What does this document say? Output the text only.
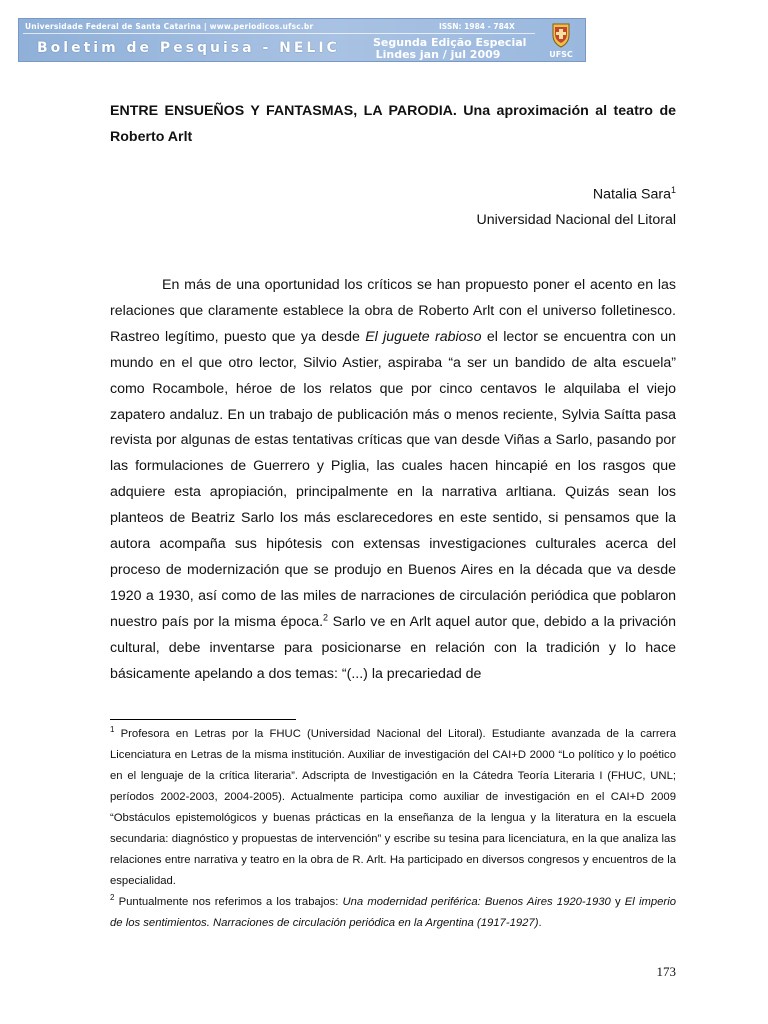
Universidade Federal de Santa Catarina | www.periodicos.ufsc.br	ISSN: 1984 - 784X
Boletim de Pesquisa - NELIC	Segunda Edição Especial
Lindes jan / jul 2009	UFSC
ENTRE ENSUEÑOS Y FANTASMAS, LA PARODIA. Una aproximación al teatro de Roberto Arlt
Natalia Sara$^1$
Universidad Nacional del Litoral

En más de una oportunidad los críticos se han propuesto poner el acento en las relaciones que claramente establece la obra de Roberto Arlt con el universo folletinesco. Rastreo legítimo, puesto que ya desde El juguete rabioso el lector se encuentra con un mundo en el que otro lector, Silvio Astier, aspiraba “a ser un bandido de alta escuela” como Rocambole, héroe de los relatos que por cinco centavos le alquilaba el viejo zapatero andaluz. En un trabajo de publicación más o menos reciente, Sylvia Saítta pasa revista por algunas de estas tentativas críticas que van desde Viñas a Sarlo, pasando por las formulaciones de Guerrero y Piglia, las cuales hacen hincapié en los rasgos que adquiere esta apropiación, principalmente en la narrativa arltiana. Quizás sean los planteos de Beatriz Sarlo los más esclarecedores en este sentido, si pensamos que la autora acompaña sus hipótesis con extensas investigaciones culturales acerca del proceso de modernización que se produjo en Buenos Aires en la década que va desde 1920 a 1930, así como de las miles de narraciones de circulación periódica que poblaron nuestro país por la misma época.$^2$ Sarlo ve en Arlt aquel autor que, debido a la privación cultural, debe inventarse para posicionarse en relación con la tradición y lo hace básicamente apelando a dos temas: “(...) la precariedad de

$^1$ Profesora en Letras por la FHUC (Universidad Nacional del Litoral). Estudiante avanzada de la carrera Licenciatura en Letras de la misma institución. Auxiliar de investigación del CAI+D 2000 “Lo político y lo poético en el lenguaje de la crítica literaria”. Adscripta de Investigación en la Cátedra Teoría Literaria I (FHUC, UNL; períodos 2002-2003, 2004-2005). Actualmente participa como auxiliar de investigación en el CAI+D 2009 “Obstáculos epistemológicos y buenas prácticas en la enseñanza de la lengua y la literatura en la escuela secundaria: diagnóstico y propuestas de intervención” y escribe su tesina para licenciatura, en la que analiza las relaciones entre narrativa y teatro en la obra de R. Arlt. Ha participado en diversos congresos y encuentros de la especialidad.

$^2$ Puntualmente nos referimos a los trabajos: Una modernidad periférica: Buenos Aires 1920-1930 y El imperio de los sentimientos. Narraciones de circulación periódica en la Argentina (1917-1927).

173
